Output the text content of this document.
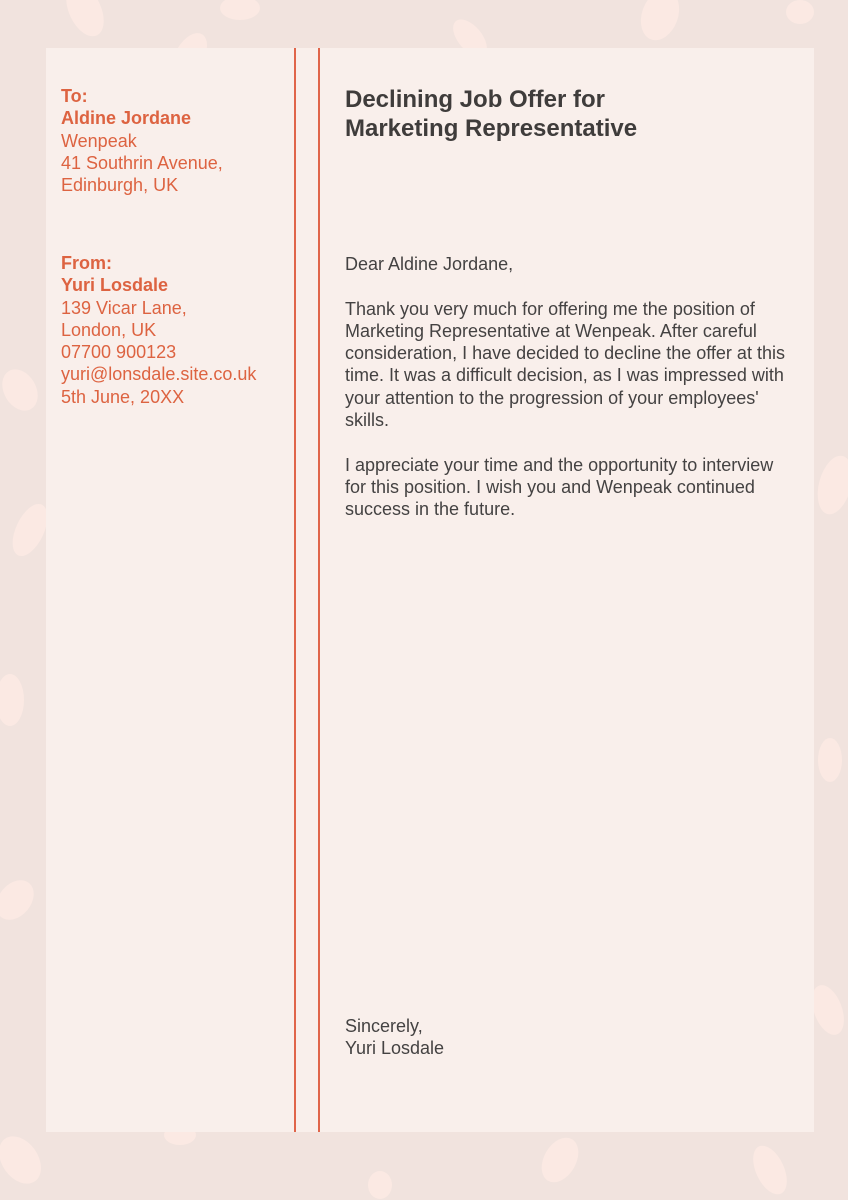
To:
Aldine Jordane
Wenpeak
41 Southrin Avenue,
Edinburgh, UK
From:
Yuri Losdale
139 Vicar Lane,
London, UK
07700 900123
yuri@lonsdale.site.co.uk
5th June, 20XX
Declining Job Offer for
Marketing Representative

Dear Aldine Jordane,

Thank you very much for offering me the position of Marketing Representative at Wenpeak. After careful consideration, I have decided to decline the offer at this time. It was a difficult decision, as I was impressed with your attention to the progression of your employees' skills.

I appreciate your time and the opportunity to interview for this position. I wish you and Wenpeak continued success in the future.

Sincerely,
Yuri Losdale
